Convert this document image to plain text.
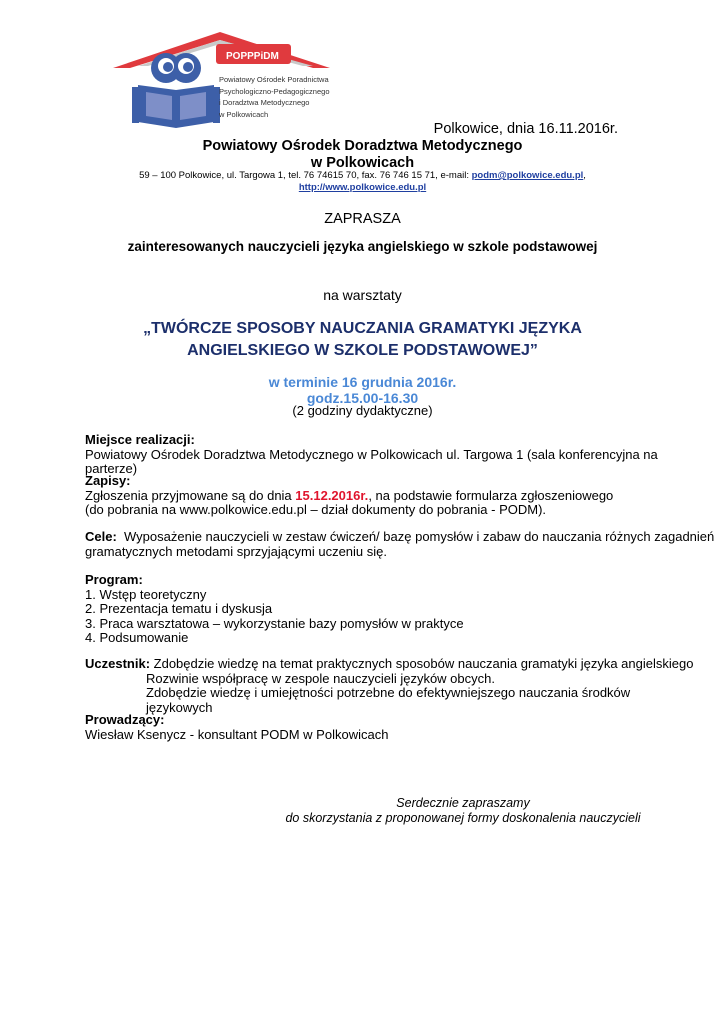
POPPPiDM
Powiatowy Ośrodek Poradnictwa
Psychologiczno-Pedagogicznego
i Doradztwa Metodycznego
w Polkowicach
Polkowice, dnia 16.11.2016r.
Powiatowy Ośrodek Doradztwa Metodycznego
w Polkowicach
59 – 100 Polkowice, ul. Targowa 1, tel. 76 74615 70, fax. 76 746 15 71, e-mail: podm@polkowice.edu.pl,
http://www.polkowice.edu.pl
ZAPRASZA
zainteresowanych nauczycieli języka angielskiego w szkole podstawowej
na warsztaty
„TWÓRCZE SPOSOBY NAUCZANIA GRAMATYKI JĘZYKA
ANGIELSKIEGO W SZKOLE PODSTAWOWEJ”
w terminie 16 grudnia 2016r.
godz.15.00-16.30
(2 godziny dydaktyczne)
Miejsce realizacji:
Powiatowy Ośrodek Doradztwa Metodycznego w Polkowicach ul. Targowa 1 (sala konferencyjna na parterze)
Zapisy:
Zgłoszenia przyjmowane są do dnia 15.12.2016r., na podstawie formularza zgłoszeniowego
(do pobrania na www.polkowice.edu.pl – dział dokumenty do pobrania - PODM).
Cele:  Wyposażenie nauczycieli w zestaw ćwiczeń/ bazę pomysłów i zabaw do nauczania różnych zagadnień
gramatycznych metodami sprzyjającymi uczeniu się.
Program:
1. Wstęp teoretyczny
2. Prezentacja tematu i dyskusja
3. Praca warsztatowa – wykorzystanie bazy pomysłów w praktyce
4. Podsumowanie
Uczestnik: Zdobędzie wiedzę na temat praktycznych sposobów nauczania gramatyki języka angielskiego
Rozwinie współpracę w zespole nauczycieli języków obcych.
Zdobędzie wiedzę i umiejętności potrzebne do efektywniejszego nauczania środków językowych
Prowadzący:
Wiesław Ksenycz - konsultant PODM w Polkowicach
Serdecznie zapraszamy
do skorzystania z proponowanej formy doskonalenia nauczycieli
